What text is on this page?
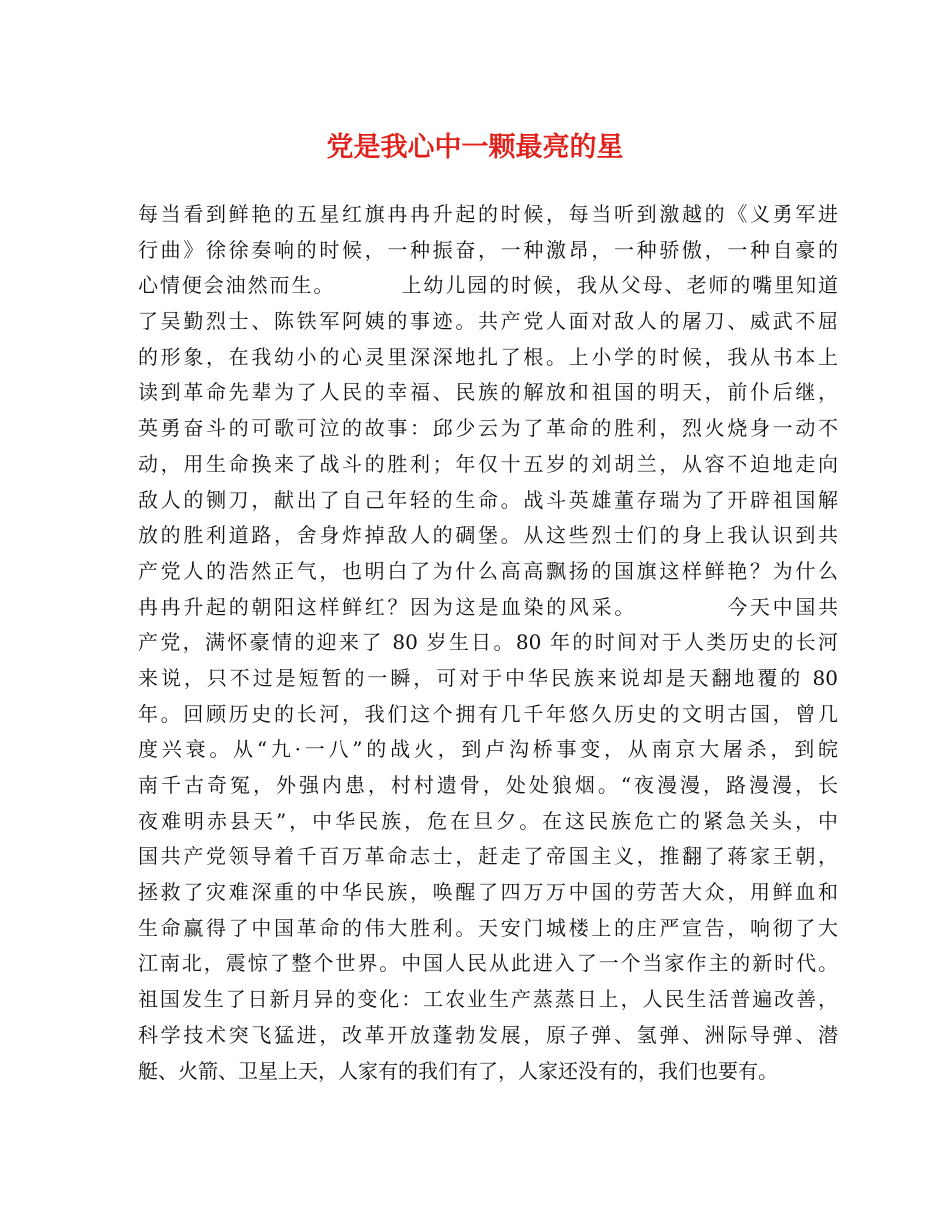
党是我心中一颗最亮的星
每当看到鲜艳的五星红旗冉冉升起的时候，每当听到激越的《义勇军进
行曲》徐徐奏响的时候，一种振奋，一种激昂，一种骄傲，一种自豪的
心情便会油然而生。        上幼儿园的时候，我从父母、老师的嘴里知道
了吴勤烈士、陈铁军阿姨的事迹。共产党人面对敌人的屠刀、威武不屈
的形象，在我幼小的心灵里深深地扎了根。上小学的时候，我从书本上
读到革命先辈为了人民的幸福、民族的解放和祖国的明天，前仆后继，
英勇奋斗的可歌可泣的故事：邱少云为了革命的胜利，烈火烧身一动不
动，用生命换来了战斗的胜利；年仅十五岁的刘胡兰，从容不迫地走向
敌人的铡刀，献出了自己年轻的生命。战斗英雄董存瑞为了开辟祖国解
放的胜利道路，舍身炸掉敌人的碉堡。从这些烈士们的身上我认识到共
产党人的浩然正气，也明白了为什么高高飘扬的国旗这样鲜艳？为什么
冉冉升起的朝阳这样鲜红？因为这是血染的风采。          今天中国共
产党，满怀豪情的迎来了 80 岁生日。80 年的时间对于人类历史的长河
来说，只不过是短暂的一瞬，可对于中华民族来说却是天翻地覆的 80
年。回顾历史的长河，我们这个拥有几千年悠久历史的文明古国，曾几
度兴衰。从“九·一八”的战火，到卢沟桥事变，从南京大屠杀，到皖
南千古奇冤，外强内患，村村遗骨，处处狼烟。“夜漫漫，路漫漫，长
夜难明赤县天”，中华民族，危在旦夕。在这民族危亡的紧急关头，中
国共产党领导着千百万革命志士，赶走了帝国主义，推翻了蒋家王朝，
拯救了灾难深重的中华民族，唤醒了四万万中国的劳苦大众，用鲜血和
生命赢得了中国革命的伟大胜利。天安门城楼上的庄严宣告，响彻了大
江南北，震惊了整个世界。中国人民从此进入了一个当家作主的新时代。
祖国发生了日新月异的变化：工农业生产蒸蒸日上，人民生活普遍改善，
科学技术突飞猛进，改革开放蓬勃发展，原子弹、氢弹、洲际导弹、潜
艇、火箭、卫星上天，人家有的我们有了，人家还没有的，我们也要有。
